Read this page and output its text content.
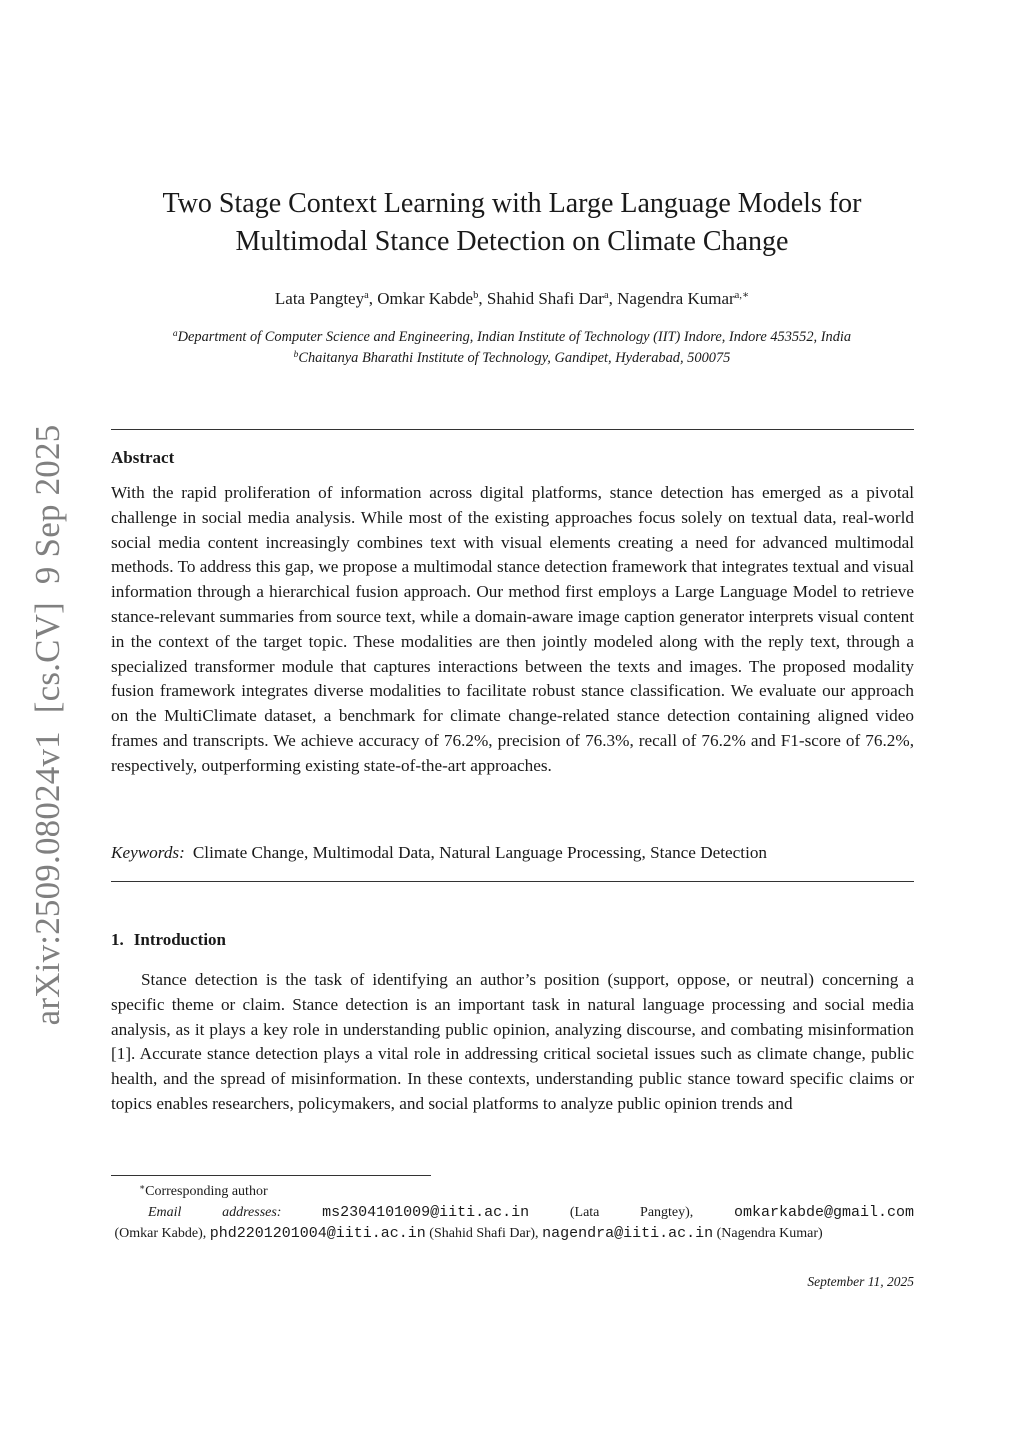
arXiv:2509.08024v1  [cs.CV]  9 Sep 2025
Two Stage Context Learning with Large Language Models for
Multimodal Stance Detection on Climate Change
Lata Pangtey$^a$, Omkar Kabde$^b$, Shahid Shafi Dar$^a$, Nagendra Kumar$^{a,∗}$
$^a$Department of Computer Science and Engineering, Indian Institute of Technology (IIT) Indore, Indore 453552, India
$^b$Chaitanya Bharathi Institute of Technology, Gandipet, Hyderabad, 500075
Abstract
With the rapid proliferation of information across digital platforms, stance detection has emerged as a pivotal challenge in social media analysis. While most of the existing approaches focus solely on textual data, real-world social media content increasingly combines text with visual elements creating a need for advanced multimodal methods. To address this gap, we propose a multimodal stance detection framework that integrates textual and visual information through a hierarchical fusion approach. Our method first employs a Large Language Model to retrieve stance-relevant summaries from source text, while a domain-aware image caption generator interprets visual content in the context of the target topic. These modalities are then jointly modeled along with the reply text, through a specialized transformer module that captures interactions between the texts and images. The proposed modality fusion framework integrates diverse modalities to facilitate robust stance classification. We evaluate our approach on the MultiClimate dataset, a benchmark for climate change-related stance detection containing aligned video frames and transcripts. We achieve accuracy of 76.2%, precision of 76.3%, recall of 76.2% and F1-score of 76.2%, respectively, outperforming existing state-of-the-art approaches.
Keywords: Climate Change, Multimodal Data, Natural Language Processing, Stance Detection
1. Introduction
Stance detection is the task of identifying an author’s position (support, oppose, or neutral) concerning a specific theme or claim. Stance detection is an important task in natural language processing and social media analysis, as it plays a key role in understanding public opinion, analyzing discourse, and combating misinformation [1]. Accurate stance detection plays a vital role in addressing critical societal issues such as climate change, public health, and the spread of misinformation. In these contexts, understanding public stance toward specific claims or topics enables researchers, policymakers, and social platforms to analyze public opinion trends and
∗Corresponding author
Email addresses:	ms2304101009@iiti.ac.in (Lata Pangtey), omkarkabde@gmail.com (Omkar Kabde), phd2201201004@iiti.ac.in (Shahid Shafi Dar), nagendra@iiti.ac.in (Nagendra Kumar)
September 11, 2025
